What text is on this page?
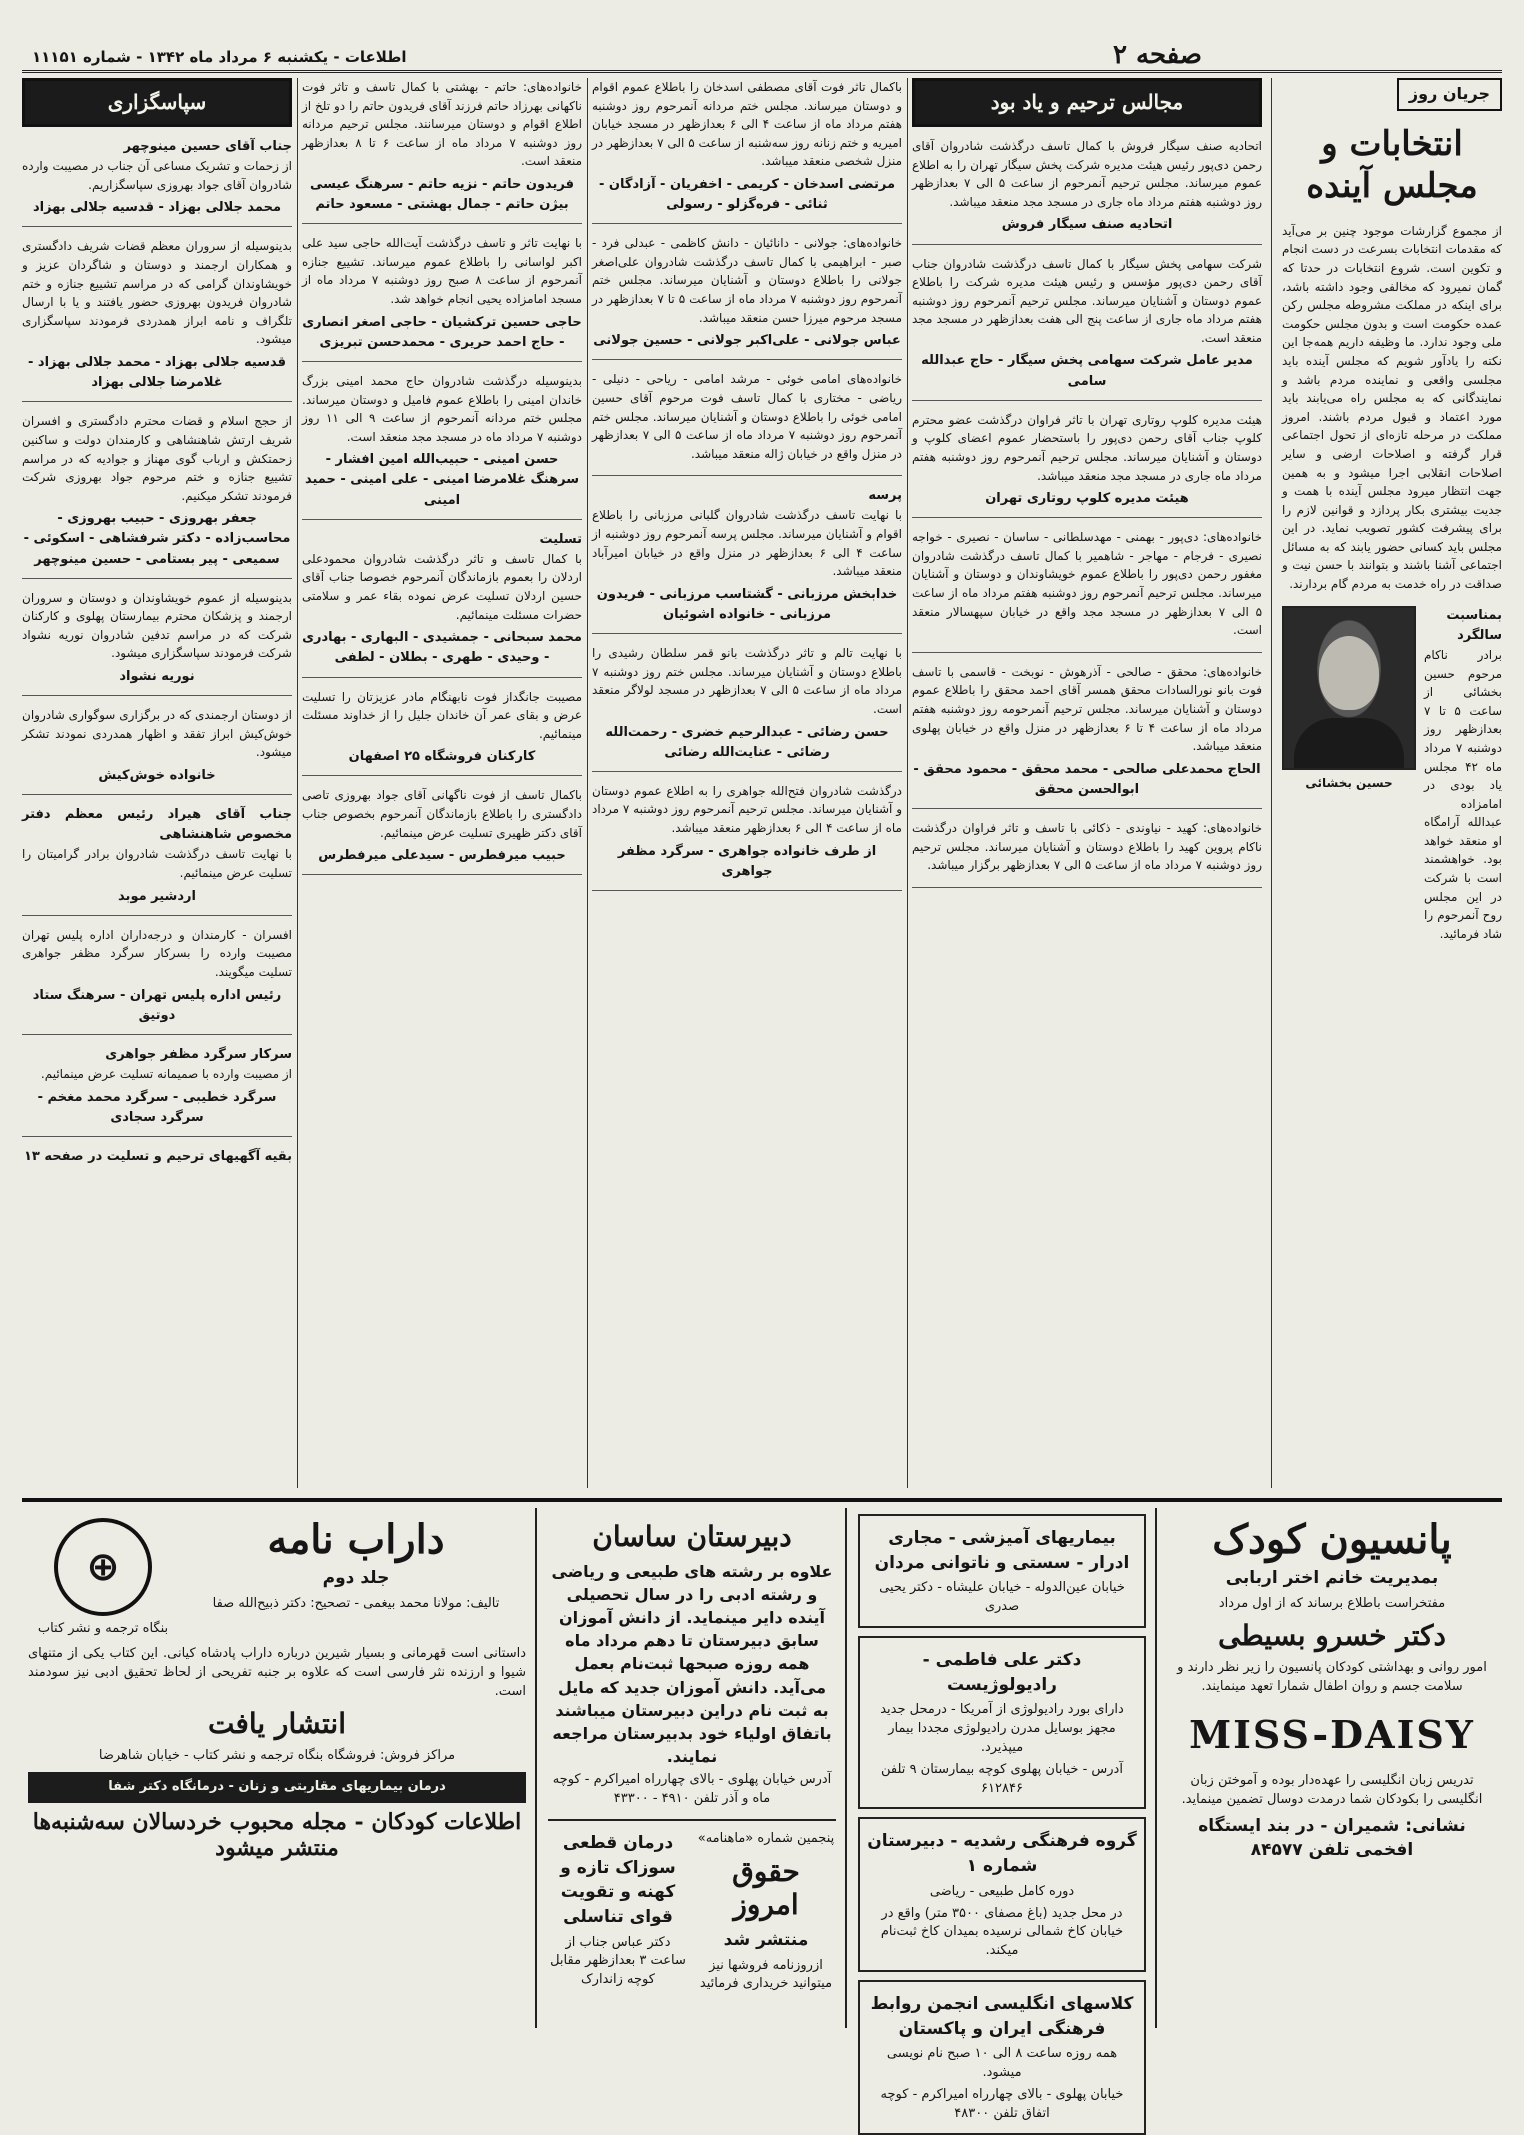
صفحه ۲
اطلاعات - یکشنبه ۶ مرداد ماه ۱۳۴۲ - شماره ۱۱۱۵۱
جریان روز
انتخابات و مجلس آینده

از مجموع گزارشات موجود چنین بر می‌آید که مقدمات انتخابات بسرعت در دست انجام و تکوین است. شروع انتخابات در حدتا که گمان نمیرود که مخالفی وجود داشته باشد، برای اینکه در مملکت مشروطه مجلس رکن عمده حکومت است و بدون مجلس حکومت ملی وجود ندارد. ما وظیفه داریم همه‌جا این نکته را یادآور شویم که مجلس آینده باید مجلسی واقعی و نماینده مردم باشد و نمایندگانی که به مجلس راه می‌یابند باید مورد اعتماد و قبول مردم باشند. امروز مملکت در مرحله تازه‌ای از تحول اجتماعی قرار گرفته و اصلاحات ارضی و سایر اصلاحات انقلابی اجرا میشود و به همین جهت انتظار میرود مجلس آینده با همت و جدیت بیشتری بکار پردازد و قوانین لازم را برای پیشرفت کشور تصویب نماید. در این مجلس باید کسانی حضور یابند که به مسائل اجتماعی آشنا باشند و بتوانند با حسن نیت و صداقت در راه خدمت به مردم گام بردارند.

بمناسبت سالگرد
برادر ناکام مرحوم حسین بخشائی از ساعت ۵ تا ۷ بعدازظهر روز دوشنبه ۷ مرداد ماه ۴۲ مجلس یاد بودی در امامزاده عبدالله آرامگاه او منعقد خواهد بود. خواهشمند است با شرکت در این مجلس روح آنمرحوم را شاد فرمائید.
حسین بخشائی
مجالس ترحیم و یاد بود

اتحادیه صنف سیگار فروش با کمال تاسف درگذشت شادروان آقای رحمن دی‌پور رئیس هیئت مدیره شرکت پخش سیگار تهران را به اطلاع عموم میرساند. مجلس ترحیم آنمرحوم از ساعت ۵ الی ۷ بعدازظهر روز دوشنبه هفتم مرداد ماه جاری در مسجد مجد منعقد میباشد.

اتحادیه صنف سیگار فروش

شرکت سهامی پخش سیگار با کمال تاسف درگذشت شادروان جناب آقای رحمن دی‌پور مؤسس و رئیس هیئت مدیره شرکت را باطلاع عموم دوستان و آشنایان میرساند. مجلس ترحیم آنمرحوم روز دوشنبه هفتم مرداد ماه جاری از ساعت پنج الی هفت بعدازظهر در مسجد مجد منعقد است.

مدیر عامل شرکت سهامی پخش سیگار - حاج عبدالله سامی

هیئت مدیره کلوپ روتاری تهران با تاثر فراوان درگذشت عضو محترم کلوپ جناب آقای رحمن دی‌پور را باستحضار عموم اعضای کلوپ و دوستان و آشنایان میرساند. مجلس ترحیم آنمرحوم روز دوشنبه هفتم مرداد ماه جاری در مسجد مجد منعقد میباشد.

هیئت مدیره کلوپ روتاری تهران

خانواده‌های: دی‌پور - بهمنی - مهدسلطانی - ساسان - نصیری - خواجه نصیری - فرجام - مهاجر - شاهمیر با کمال تاسف درگذشت شادروان مغفور رحمن دی‌پور را باطلاع عموم خویشاوندان و دوستان و آشنایان میرساند. مجلس ترحیم آنمرحوم روز دوشنبه هفتم مرداد ماه از ساعت ۵ الی ۷ بعدازظهر در مسجد مجد واقع در خیابان سپهسالار منعقد است.

خانواده‌های: محقق - صالحی - آذرهوش - نوبخت - قاسمی با تاسف فوت بانو نورالسادات محقق همسر آقای احمد محقق را باطلاع عموم دوستان و آشنایان میرساند. مجلس ترحیم آنمرحومه روز دوشنبه هفتم مرداد ماه از ساعت ۴ تا ۶ بعدازظهر در منزل واقع در خیابان پهلوی منعقد میباشد.

الحاج محمدعلی صالحی - محمد محقق - محمود محقق - ابوالحسن محقق

خانواده‌های: کهید - نیاوندی - ذکائی با تاسف و تاثر فراوان درگذشت ناکام پروین کهید را باطلاع دوستان و آشنایان میرساند. مجلس ترحیم روز دوشنبه ۷ مرداد ماه از ساعت ۵ الی ۷ بعدازظهر برگزار میباشد.

باکمال تاثر فوت آقای مصطفی اسدخان را باطلاع عموم اقوام و دوستان میرساند. مجلس ختم مردانه آنمرحوم روز دوشنبه هفتم مرداد ماه از ساعت ۴ الی ۶ بعدازظهر در مسجد خیابان امیریه و ختم زنانه روز سه‌شنبه از ساعت ۵ الی ۷ بعدازظهر در منزل شخصی منعقد میباشد.

مرتضی اسدخان - کریمی - اخفریان - آزادگان - ثنائی - فره‌گزلو - رسولی

خانواده‌های: جولانی - دانائیان - دانش کاظمی - عبدلی فرد - صبر - ابراهیمی با کمال تاسف درگذشت شادروان علی‌اصغر جولانی را باطلاع دوستان و آشنایان میرساند. مجلس ختم آنمرحوم روز دوشنبه ۷ مرداد ماه از ساعت ۵ تا ۷ بعدازظهر در مسجد مرحوم میرزا حسن منعقد میباشد.

عباس جولانی - علی‌اکبر جولانی - حسین جولانی

خانواده‌های امامی خوئی - مرشد امامی - ریاحی - دنیلی - ریاضی - مختاری با کمال تاسف فوت مرحوم آقای حسین امامی خوئی را باطلاع دوستان و آشنایان میرساند. مجلس ختم آنمرحوم روز دوشنبه ۷ مرداد ماه از ساعت ۵ الی ۷ بعدازظهر در منزل واقع در خیابان ژاله منعقد میباشد.

پرسه

با نهایت تاسف درگذشت شادروان گلبانی مرزبانی را باطلاع اقوام و آشنایان میرساند. مجلس پرسه آنمرحوم روز دوشنبه از ساعت ۴ الی ۶ بعدازظهر در منزل واقع در خیابان امیرآباد منعقد میباشد.

خدابخش مرزبانی - گشتاسب مرزبانی - فریدون مرزبانی - خانواده اشوئیان

با نهایت تالم و تاثر درگذشت بانو قمر سلطان رشیدی را باطلاع دوستان و آشنایان میرساند. مجلس ختم روز دوشنبه ۷ مرداد ماه از ساعت ۵ الی ۷ بعدازظهر در مسجد لولاگر منعقد است.

حسن رضائی - عبدالرحیم خضری - رحمت‌الله رضائی - عنایت‌الله رضائی

درگذشت شادروان فتح‌الله جواهری را به اطلاع عموم دوستان و آشنایان میرساند. مجلس ترحیم آنمرحوم روز دوشنبه ۷ مرداد ماه از ساعت ۴ الی ۶ بعدازظهر منعقد میباشد.

از طرف خانواده جواهری - سرگرد مظفر جواهری

خانواده‌های: حاتم - بهشتی با کمال تاسف و تاثر فوت ناکهانی بهرزاد حاتم فرزند آقای فریدون حاتم را دو تلخ از اطلاع اقوام و دوستان میرسانند. مجلس ترحیم مردانه روز دوشنبه ۷ مرداد ماه از ساعت ۶ تا ۸ بعدازظهر منعقد است.

فریدون حاتم - نزیه حاتم - سرهنگ عیسی بیژن حاتم - جمال بهشتی - مسعود حاتم

با نهایت تاثر و تاسف درگذشت آیت‌الله حاجی سید علی اکبر لواسانی را باطلاع عموم میرساند. تشییع جنازه آنمرحوم از ساعت ۸ صبح روز دوشنبه ۷ مرداد ماه از مسجد امامزاده یحیی انجام خواهد شد.

حاجی حسین ترکشیان - حاجی اصغر انصاری - حاج احمد حریری - محمدحسن تبریزی

بدینوسیله درگذشت شادروان حاج محمد امینی بزرگ خاندان امینی را باطلاع عموم فامیل و دوستان میرساند. مجلس ختم مردانه آنمرحوم از ساعت ۹ الی ۱۱ روز دوشنبه ۷ مرداد ماه در مسجد مجد منعقد است.

حسن امینی - حبیب‌الله امین افشار - سرهنگ غلامرضا امینی - علی امینی - حمید امینی
تسلیت

با کمال تاسف و تاثر درگذشت شادروان محمودعلی اردلان را بعموم بازماندگان آنمرحوم خصوصا جناب آقای حسین اردلان تسلیت عرض نموده بقاء عمر و سلامتی حضرات مسئلت مینمائیم.

محمد سبحانی - جمشیدی - البهاری - بهادری - وحیدی - طهری - بطلان - لطفی

مصیبت جانگداز فوت نابهنگام مادر عزیزتان را تسلیت عرض و بقای عمر آن خاندان جلیل را از خداوند مسئلت مینمائیم.

کارکنان فروشگاه ۲۵ اصفهان

باکمال تاسف از فوت ناگهانی آقای جواد بهروزی تاصی دادگستری را باطلاع بازماندگان آنمرحوم بخصوص جناب آقای دکتر ظهیری تسلیت عرض مینمائیم.

حبیب میرفطرس - سیدعلی میرفطرس
سپاسگزاری
جناب آقای حسین مینوچهر

از زحمات و تشریک مساعی آن جناب در مصیبت وارده شادروان آقای جواد بهروزی سپاسگزاریم.

محمد جلالی بهزاد - قدسیه جلالی بهزاد

بدینوسیله از سروران معظم قضات شریف دادگستری و همکاران ارجمند و دوستان و شاگردان عزیز و خویشاوندان گرامی که در مراسم تشییع جنازه و ختم شادروان فریدون بهروزی حضور یافتند و یا با ارسال تلگراف و نامه ابراز همدردی فرمودند سپاسگزاری میشود.

قدسیه جلالی بهزاد - محمد جلالی بهزاد - غلامرضا جلالی بهزاد

از حجج اسلام و قضات محترم دادگستری و افسران شریف ارتش شاهنشاهی و کارمندان دولت و ساکنین زحمتکش و ارباب گوی مهناز و جوادیه که در مراسم تشییع جنازه و ختم مرحوم جواد بهروزی شرکت فرمودند تشکر میکنیم.

جعفر بهروزی - حبیب بهروزی - محاسب‌زاده - دکتر شرفشاهی - اسکوئی - سمیعی - پیر بستامی - حسین مینوچهر

بدینوسیله از عموم خویشاوندان و دوستان و سروران ارجمند و پزشکان محترم بیمارستان پهلوی و کارکنان شرکت که در مراسم تدفین شادروان نوریه نشواد شرکت فرمودند سپاسگزاری میشود.

نوریه نشواد

از دوستان ارجمندی که در برگزاری سوگواری شادروان خوش‌کیش ابراز تفقد و اظهار همدردی نمودند تشکر میشود.

خانواده خوش‌کیش
جناب آقای هیراد رئیس معظم دفتر مخصوص شاهنشاهی

با نهایت تاسف درگذشت شادروان برادر گرامیتان را تسلیت عرض مینمائیم.

اردشیر موبد

افسران - کارمندان و درجه‌داران اداره پلیس تهران مصیبت وارده را بسرکار سرگرد مظفر جواهری تسلیت میگویند.

رئیس اداره پلیس تهران - سرهنگ ستاد دوتیق
سرکار سرگرد مظفر جواهری

از مصیبت وارده با صمیمانه تسلیت عرض مینمائیم.

سرگرد خطیبی - سرگرد محمد مغخم - سرگرد سجادی
بقیه آگهیهای ترحیم و تسلیت در صفحه ۱۳
پانسیون کودک
بمدیریت خانم اختر اربابی
مفتخراست باطلاع برساند که از اول مرداد
دکتر خسرو بسیطی
امور روانی و بهداشتی کودکان پانسیون را زیر نظر دارند و سلامت جسم و روان اطفال شمارا تعهد مینمایند.
MISS-DAISY
تدریس زبان انگلیسی را عهده‌دار بوده و آموختن زبان انگلیسی را بکودکان شما درمدت دوسال تضمین مینماید.
نشانی: شمیران - در بند ایستگاه افخمی تلفن ۸۴۵۷۷
بیماریهای آمیزشی - مجاری ادرار - سستی و ناتوانی مردان
خیابان عین‌الدوله - خیابان علیشاه - دکتر یحیی صدری
دکتر علی فاطمی - رادیولوژیست
دارای بورد رادیولوژی از آمریکا - درمحل جدید مجهز بوسایل مدرن رادیولوژی مجددا بیمار میپذیرد.
آدرس - خیابان پهلوی کوچه بیمارستان ۹ تلفن ۶۱۲۸۴۶
گروه فرهنگی رشدیه - دبیرستان شماره ۱
دوره کامل طبیعی - ریاضی
در محل جدید (باغ مصفای ۳۵۰۰ متر) واقع در خیابان کاخ شمالی نرسیده بمیدان کاخ ثبت‌نام میکند.
کلاسهای انگلیسی انجمن روابط فرهنگی ایران و پاکستان
همه روزه ساعت ۸ الی ۱۰ صبح نام نویسی میشود.
خیابان پهلوی - بالای چهارراه امیراکرم - کوچه اتفاق تلفن ۴۸۳۰۰
دبیرستان ساسان
علاوه بر رشته های طبیعی و ریاضی و رشته ادبی را در سال تحصیلی آینده دایر مینماید. از دانش آموزان سابق دبیرستان تا دهم مرداد ماه همه روزه صبحها ثبت‌نام بعمل می‌آید. دانش آموزان جدید که مایل به ثبت نام دراین دبیرستان میباشند باتفاق اولیاء خود بدبیرستان مراجعه نمایند.
آدرس خیابان پهلوی - بالای چهارراه امیراکرم - کوچه ماه و آذر تلفن ۴۹۱۰ - ۴۳۳۰۰
پنجمین شماره «ماهنامه»
حقوق امروز
منتشر شد
ازروزنامه فروشها نیز میتوانید خریداری فرمائید
درمان قطعی سوزاک تازه و کهنه و تقویت قوای تناسلی
دکتر عباس جناب از ساعت ۳ بعدازظهر مقابل کوچه زاندارک
داراب نامه
جلد دوم
تالیف: مولانا محمد بیغمی - تصحیح: دکتر ذبیح‌الله صفا
⊕
بنگاه ترجمه و نشر کتاب
داستانی است قهرمانی و بسیار شیرین درباره داراب پادشاه کیانی. این کتاب یکی از متنهای شیوا و ارزنده نثر فارسی است که علاوه بر جنبه تفریحی از لحاظ تحقیق ادبی نیز سودمند است.
انتشار یافت
مراکز فروش: فروشگاه بنگاه ترجمه و نشر کتاب - خیابان شاهرضا
درمان بیماریهای مقاربتی و زنان - درمانگاه دکتر شفا
اطلاعات کودکان - مجله محبوب خردسالان سه‌شنبه‌ها منتشر میشود
